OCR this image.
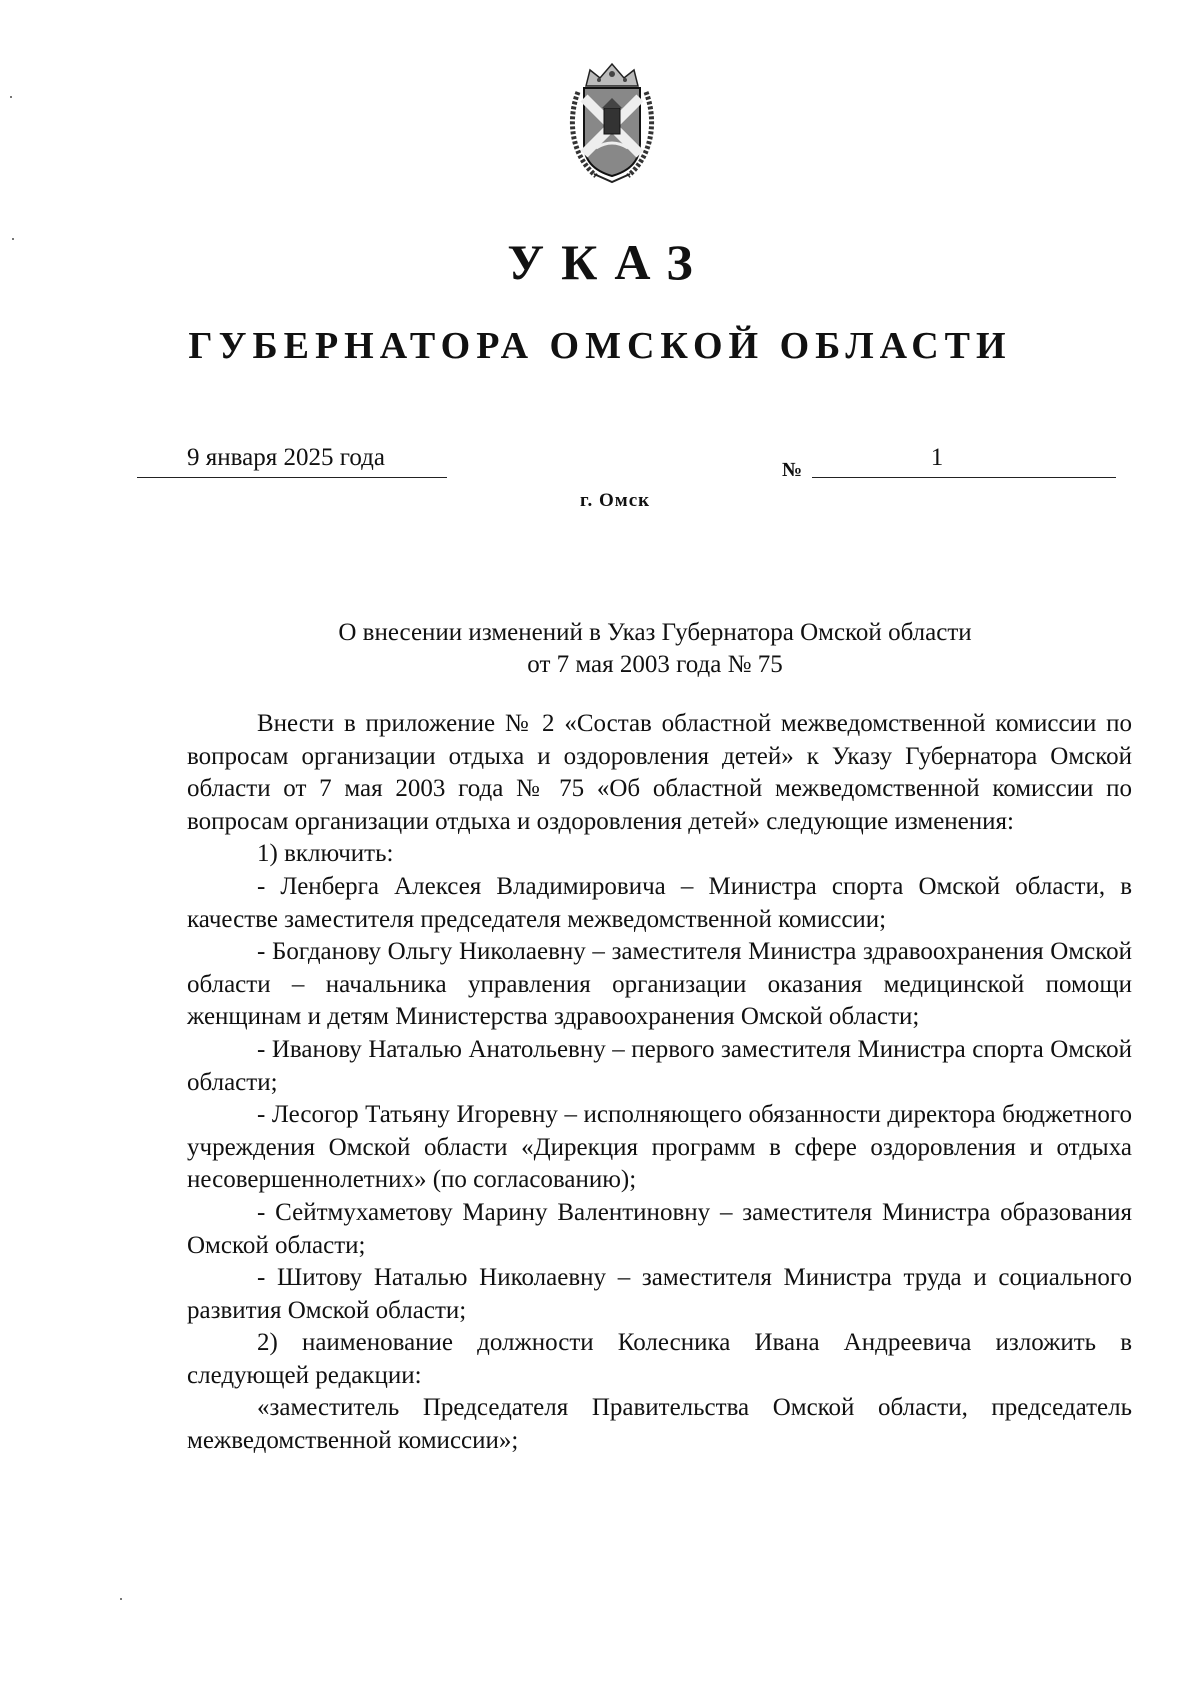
УКАЗ
ГУБЕРНАТОРА ОМСКОЙ ОБЛАСТИ
9 января 2025 года	№	1
г. Омск
О внесении изменений в Указ Губернатора Омской области
от 7 мая 2003 года № 75

Внести в приложение № 2 «Состав областной межведомственной комиссии по вопросам организации отдыха и оздоровления детей» к Указу Губернатора Омской области от 7 мая 2003 года № 75 «Об областной межведомственной комиссии по вопросам организации отдыха и оздоровления детей» следующие изменения:

1) включить:

- Ленберга Алексея Владимировича – Министра спорта Омской области, в качестве заместителя председателя межведомственной комиссии;

- Богданову Ольгу Николаевну – заместителя Министра здравоохранения Омской области – начальника управления организации оказания медицинской помощи женщинам и детям Министерства здравоохранения Омской области;

- Иванову Наталью Анатольевну – первого заместителя Министра спорта Омской области;

- Лесогор Татьяну Игоревну – исполняющего обязанности директора бюджетного учреждения Омской области «Дирекция программ в сфере оздоровления и отдыха несовершеннолетних» (по согласованию);

- Сейтмухаметову Марину Валентиновну – заместителя Министра образования Омской области;

- Шитову Наталью Николаевну – заместителя Министра труда и социального развития Омской области;

2) наименование должности Колесника Ивана Андреевича изложить в следующей редакции:

«заместитель Председателя Правительства Омской области, председатель межведомственной комиссии»;
